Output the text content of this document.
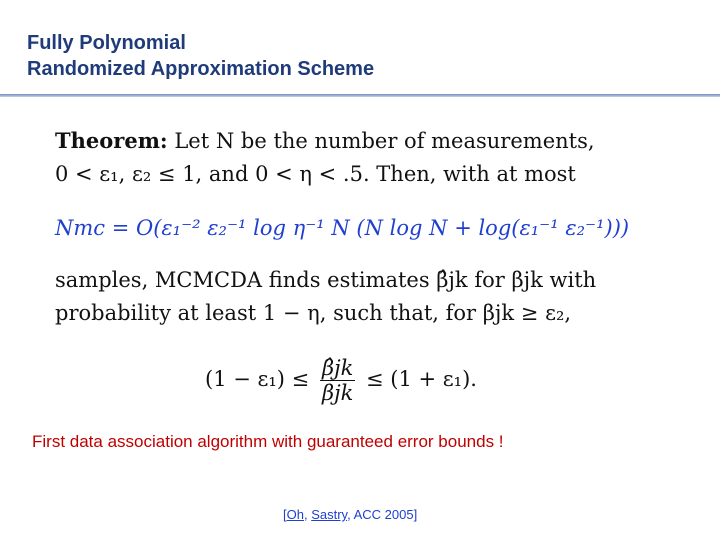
Fully Polynomial
Randomized Approximation Scheme
Theorem: Let N be the number of measurements,
0 < ε₁, ε₂ ≤ 1, and 0 < η < .5. Then, with at most
Nmc = O(ε₁⁻² ε₂⁻¹ log η⁻¹ N (N log N + log(ε₁⁻¹ ε₂⁻¹)))
samples, MCMCDA finds estimates β̂jk for βjk with
probability at least 1 − η, such that, for βjk ≥ ε₂,
$(1 - \varepsilon_1) \le \frac{\betâjk}{\text{βjk}} \le (1 + \varepsilon_1)$.
First data association algorithm with guaranteed error bounds !
[Oh, Sastry, ACC 2005]
